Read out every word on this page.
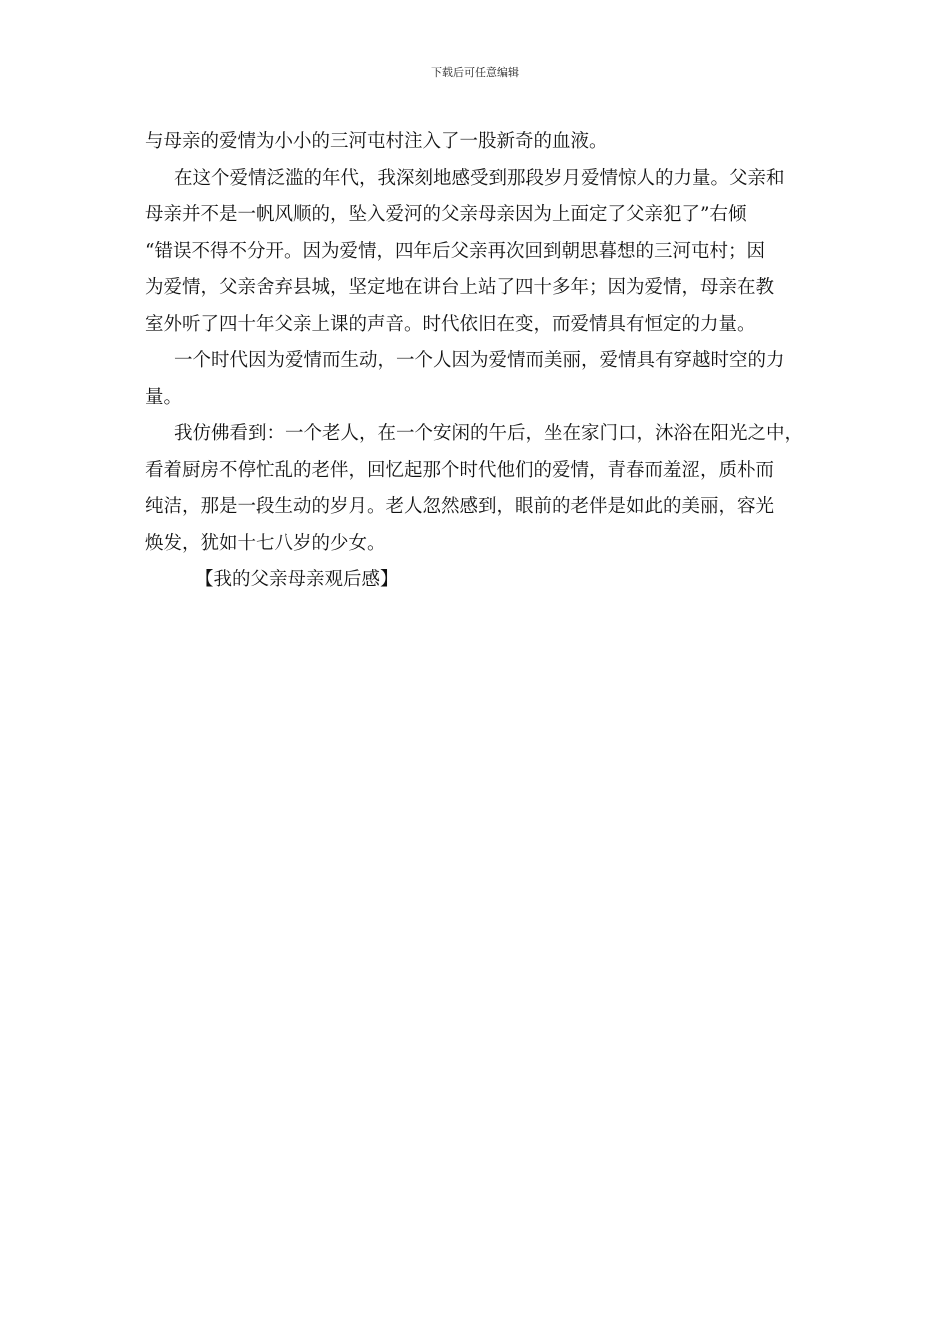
下载后可任意编辑
与母亲的爱情为小小的三河屯村注入了一股新奇的血液。
在这个爱情泛滥的年代，我深刻地感受到那段岁月爱情惊人的力量。父亲和
母亲并不是一帆风顺的，坠入爱河的父亲母亲因为上面定了父亲犯了”右倾
“错误不得不分开。因为爱情，四年后父亲再次回到朝思暮想的三河屯村；因
为爱情，父亲舍弃县城，坚定地在讲台上站了四十多年；因为爱情，母亲在教
室外听了四十年父亲上课的声音。时代依旧在变，而爱情具有恒定的力量。
一个时代因为爱情而生动，一个人因为爱情而美丽，爱情具有穿越时空的力
量。
我仿佛看到：一个老人，在一个安闲的午后，坐在家门口，沐浴在阳光之中，
看着厨房不停忙乱的老伴，回忆起那个时代他们的爱情，青春而羞涩，质朴而
纯洁，那是一段生动的岁月。老人忽然感到，眼前的老伴是如此的美丽，容光
焕发，犹如十七八岁的少女。
【我的父亲母亲观后感】
